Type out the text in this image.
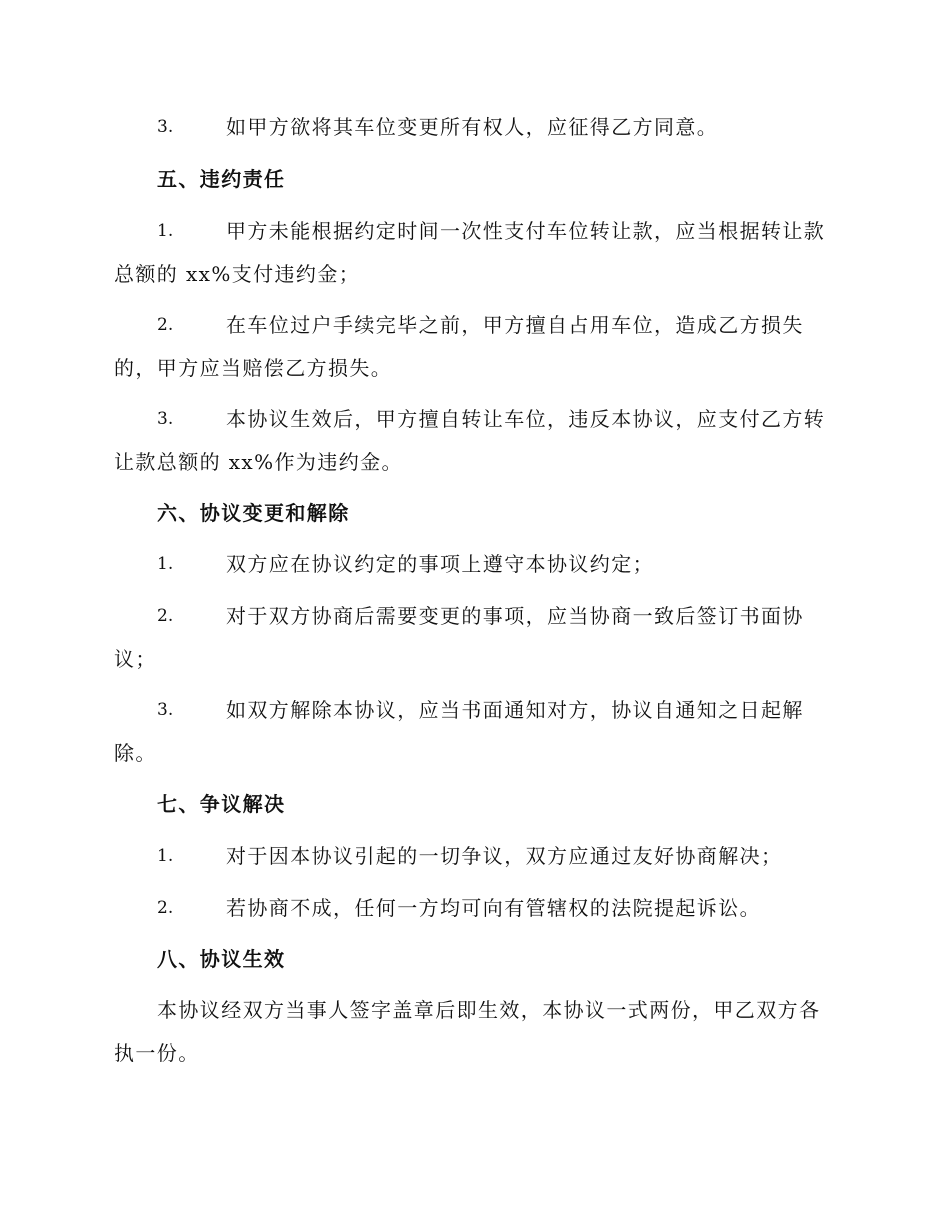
3.	如甲方欲将其车位变更所有权人，应征得乙方同意。
五、违约责任
1.	甲方未能根据约定时间一次性支付车位转让款，应当根据转让款
总额的 xx%支付违约金；
2.	在车位过户手续完毕之前，甲方擅自占用车位，造成乙方损失
的，甲方应当赔偿乙方损失。
3.	本协议生效后，甲方擅自转让车位，违反本协议，应支付乙方转
让款总额的 xx%作为违约金。
六、协议变更和解除
1.	双方应在协议约定的事项上遵守本协议约定；
2.	对于双方协商后需要变更的事项，应当协商一致后签订书面协
议；
3.	如双方解除本协议，应当书面通知对方，协议自通知之日起解
除。
七、争议解决
1.	对于因本协议引起的一切争议，双方应通过友好协商解决；
2.	若协商不成，任何一方均可向有管辖权的法院提起诉讼。
八、协议生效
本协议经双方当事人签字盖章后即生效，本协议一式两份，甲乙双方各
执一份。
